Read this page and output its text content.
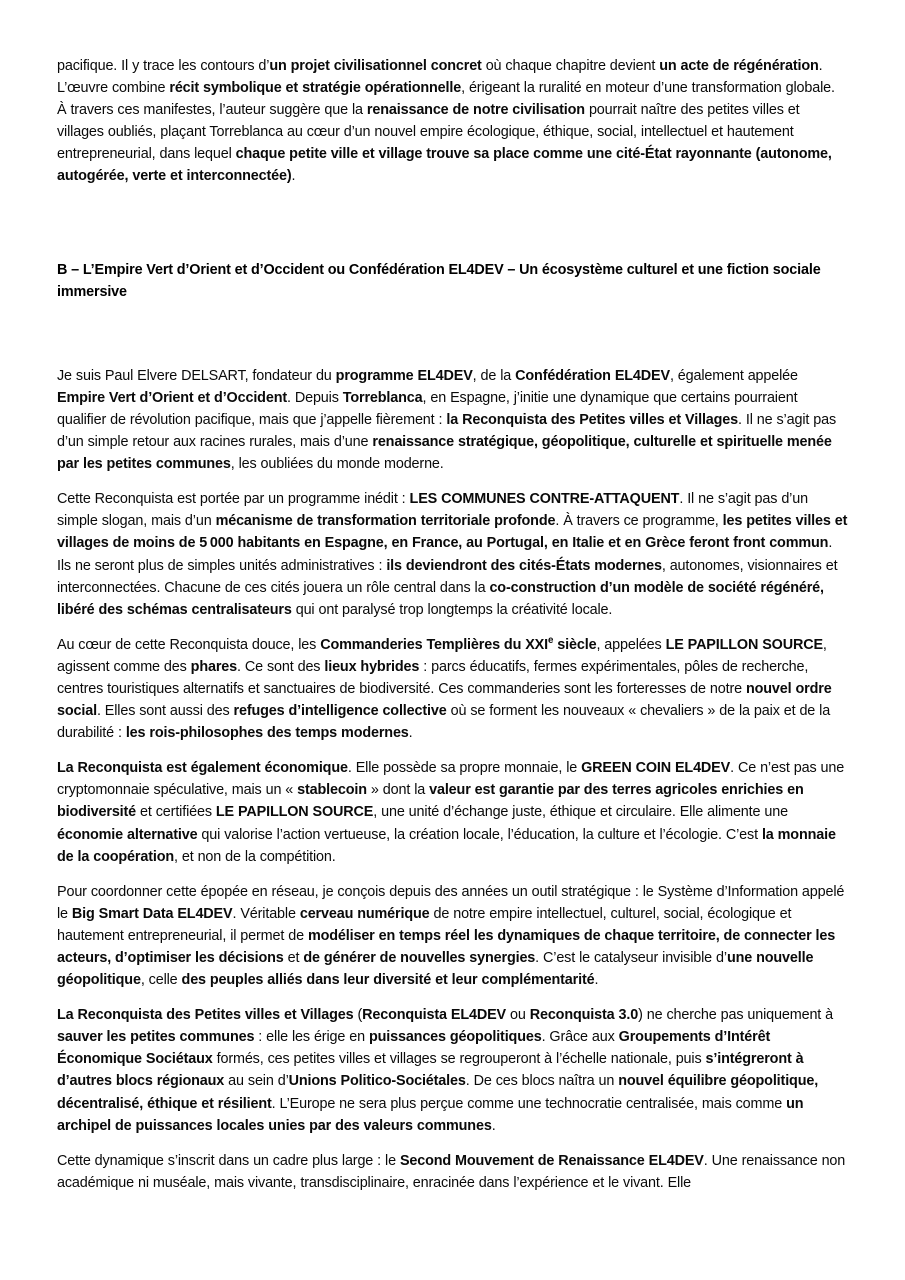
pacifique. Il y trace les contours d’un projet civilisationnel concret où chaque chapitre devient un acte de régénération. L’œuvre combine récit symbolique et stratégie opérationnelle, érigeant la ruralité en moteur d’une transformation globale. À travers ces manifestes, l’auteur suggère que la renaissance de notre civilisation pourrait naître des petites villes et villages oubliés, plaçant Torreblanca au cœur d’un nouvel empire écologique, éthique, social, intellectuel et hautement entrepreneurial, dans lequel chaque petite ville et village trouve sa place comme une cité-État rayonnante (autonome, autogérée, verte et interconnectée).

B – L’Empire Vert d’Orient et d’Occident ou Confédération EL4DEV – Un écosystème culturel et une fiction sociale immersive

Je suis Paul Elvere DELSART, fondateur du programme EL4DEV, de la Confédération EL4DEV, également appelée Empire Vert d’Orient et d’Occident. Depuis Torreblanca, en Espagne, j’initie une dynamique que certains pourraient qualifier de révolution pacifique, mais que j’appelle fièrement : la Reconquista des Petites villes et Villages. Il ne s’agit pas d’un simple retour aux racines rurales, mais d’une renaissance stratégique, géopolitique, culturelle et spirituelle menée par les petites communes, les oubliées du monde moderne.

Cette Reconquista est portée par un programme inédit : LES COMMUNES CONTRE-ATTAQUENT. Il ne s’agit pas d’un simple slogan, mais d’un mécanisme de transformation territoriale profonde. À travers ce programme, les petites villes et villages de moins de 5 000 habitants en Espagne, en France, au Portugal, en Italie et en Grèce feront front commun. Ils ne seront plus de simples unités administratives : ils deviendront des cités-États modernes, autonomes, visionnaires et interconnectées. Chacune de ces cités jouera un rôle central dans la co-construction d’un modèle de société régénéré, libéré des schémas centralisateurs qui ont paralysé trop longtemps la créativité locale.

Au cœur de cette Reconquista douce, les Commanderies Templières du XXIe siècle, appelées LE PAPILLON SOURCE, agissent comme des phares. Ce sont des lieux hybrides : parcs éducatifs, fermes expérimentales, pôles de recherche, centres touristiques alternatifs et sanctuaires de biodiversité. Ces commanderies sont les forteresses de notre nouvel ordre social. Elles sont aussi des refuges d’intelligence collective où se forment les nouveaux « chevaliers » de la paix et de la durabilité : les rois-philosophes des temps modernes.

La Reconquista est également économique. Elle possède sa propre monnaie, le GREEN COIN EL4DEV. Ce n’est pas une cryptomonnaie spéculative, mais un « stablecoin » dont la valeur est garantie par des terres agricoles enrichies en biodiversité et certifiées LE PAPILLON SOURCE, une unité d’échange juste, éthique et circulaire. Elle alimente une économie alternative qui valorise l’action vertueuse, la création locale, l’éducation, la culture et l’écologie. C’est la monnaie de la coopération, et non de la compétition.

Pour coordonner cette épopée en réseau, je conçois depuis des années un outil stratégique : le Système d’Information appelé le Big Smart Data EL4DEV. Véritable cerveau numérique de notre empire intellectuel, culturel, social, écologique et hautement entrepreneurial, il permet de modéliser en temps réel les dynamiques de chaque territoire, de connecter les acteurs, d’optimiser les décisions et de générer de nouvelles synergies. C’est le catalyseur invisible d’une nouvelle géopolitique, celle des peuples alliés dans leur diversité et leur complémentarité.

La Reconquista des Petites villes et Villages (Reconquista EL4DEV ou Reconquista 3.0) ne cherche pas uniquement à sauver les petites communes : elle les érige en puissances géopolitiques. Grâce aux Groupements d’Intérêt Économique Sociétaux formés, ces petites villes et villages se regrouperont à l’échelle nationale, puis s’intégreront à d’autres blocs régionaux au sein d’Unions Politico-Sociétales. De ces blocs naîtra un nouvel équilibre géopolitique, décentralisé, éthique et résilient. L’Europe ne sera plus perçue comme une technocratie centralisée, mais comme un archipel de puissances locales unies par des valeurs communes.

Cette dynamique s’inscrit dans un cadre plus large : le Second Mouvement de Renaissance EL4DEV. Une renaissance non académique ni muséale, mais vivante, transdisciplinaire, enracinée dans l’expérience et le vivant. Elle
